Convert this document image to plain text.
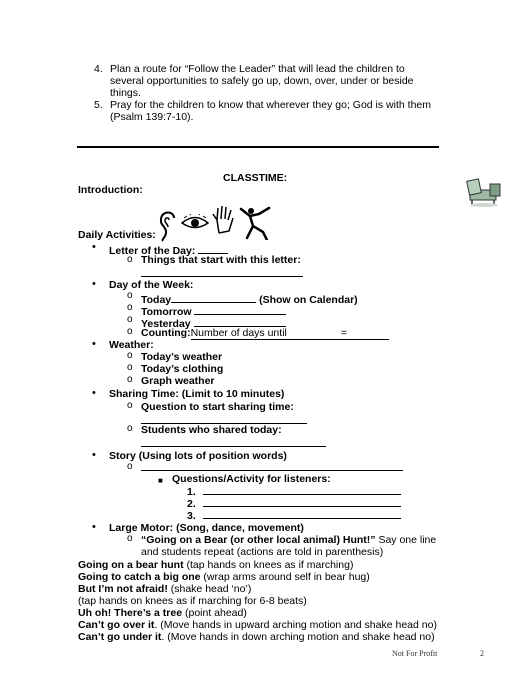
4. Plan a route for “Follow the Leader” that will lead the children to
several opportunities to safely go up, down, over, under or beside
things.
5. Pray for the children to know that wherever they go; God is with them
(Psalm 139:7-10).
CLASSTIME:
Introduction:
Daily Activities:
• Letter of the Day:
o Things that start with this letter:
• Day of the Week:
o Today	(Show on Calendar)
o Tomorrow
o Yesterday
o Counting:Number of days until	=
• Weather:
o Today’s weather
o Today’s clothing
o Graph weather
• Sharing Time: (Limit to 10 minutes)
o Question to start sharing time:
o Students who shared today:
• Story (Using lots of position words)
o
■ Questions/Activity for listeners:
1.
2.
3.
• Large Motor: (Song, dance, movement)
o “Going on a Bear (or other local animal) Hunt!” Say one line
and students repeat (actions are told in parenthesis)
Going on a bear hunt (tap hands on knees as if marching)
Going to catch a big one (wrap arms around self in bear hug)
But I’m not afraid! (shake head ‘no’)
(tap hands on knees as if marching for 6-8 beats)
Uh oh! There’s a tree (point ahead)
Can’t go over it. (Move hands in upward arching motion and shake head no)
Can’t go under it. (Move hands in down arching motion and shake head no)
Not For Profit	2
